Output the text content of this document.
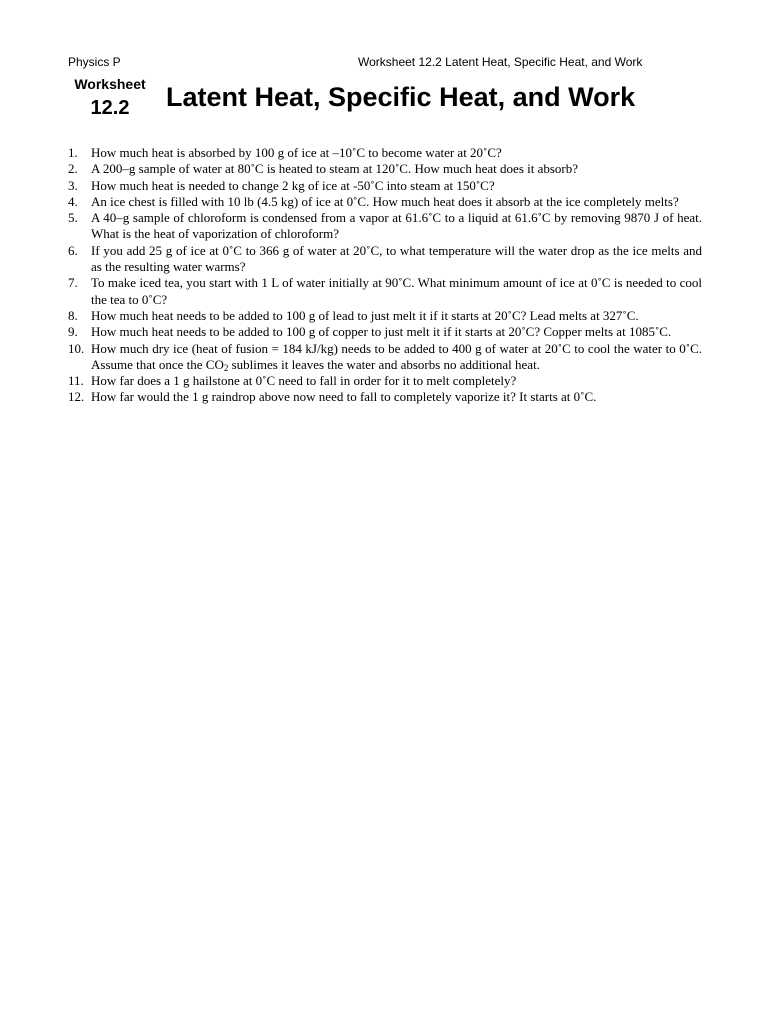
Physics P	Worksheet 12.2 Latent Heat, Specific Heat, and Work
Worksheet
12.2	Latent Heat, Specific Heat, and Work
1.	How much heat is absorbed by 100 g of ice at –10˚C to become water at 20˚C?
2.	A 200–g sample of water at 80˚C is heated to steam at 120˚C. How much heat does it absorb?
3.	How much heat is needed to change 2 kg of ice at -50˚C into steam at 150˚C?
4.	An ice chest is filled with 10 lb (4.5 kg) of ice at 0˚C. How much heat does it absorb at the ice completely melts?
5.	A 40–g sample of chloroform is condensed from a vapor at 61.6˚C to a liquid at 61.6˚C by removing 9870 J of heat. What is the heat of vaporization of chloroform?
6.	If you add 25 g of ice at 0˚C to 366 g of water at 20˚C, to what temperature will the water drop as the ice melts and as the resulting water warms?
7.	To make iced tea, you start with 1 L of water initially at 90˚C. What minimum amount of ice at 0˚C is needed to cool the tea to 0˚C?
8.	How much heat needs to be added to 100 g of lead to just melt it if it starts at 20˚C? Lead melts at 327˚C.
9.	How much heat needs to be added to 100 g of copper to just melt it if it starts at 20˚C? Copper melts at 1085˚C.
10. How much dry ice (heat of fusion = 184 kJ/kg) needs to be added to 400 g of water at 20˚C to cool the water to 0˚C. Assume that once the $CO_2$ sublimes it leaves the water and absorbs no additional heat.
11. How far does a 1 g hailstone at 0˚C need to fall in order for it to melt completely?
12. How far would the 1 g raindrop above now need to fall to completely vaporize it? It starts at 0˚C.
